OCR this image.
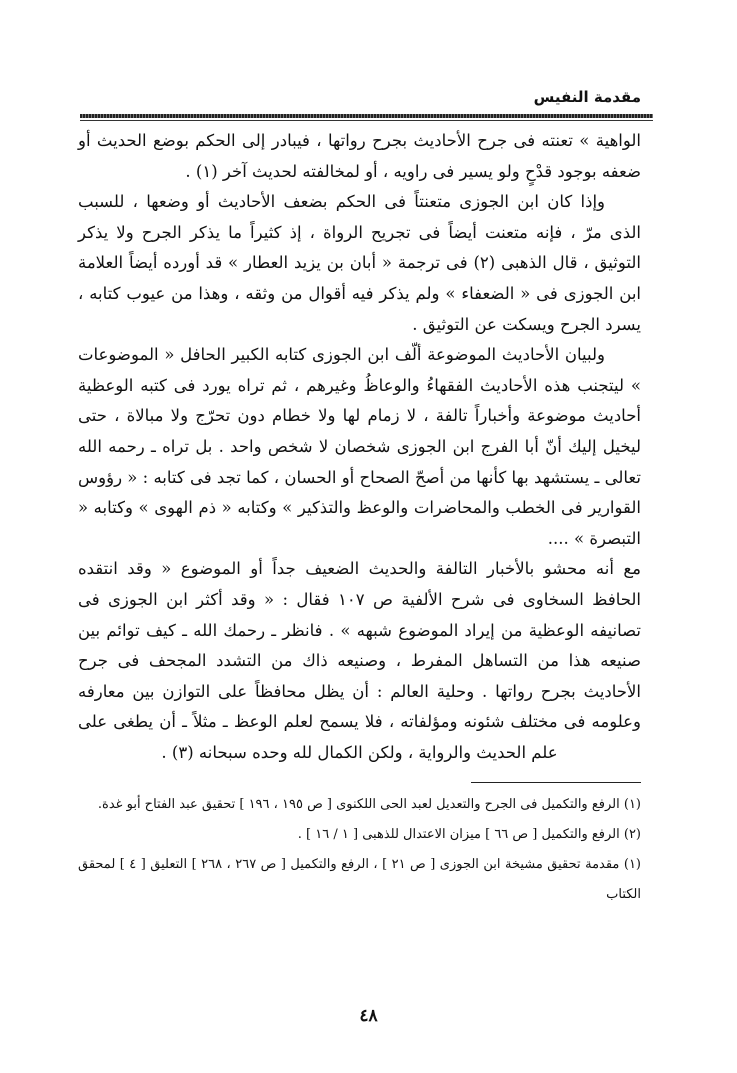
مقدمة النفيس

الواهية » تعنته فى جرح الأحاديث بجرح رواتها ، فيبادر إلى الحكم بوضع الحديث أو ضعفه بوجود قدْحٍ ولو يسير فى راويه ، أو لمخالفته لحديث آخر (١) .

وإذا كان ابن الجوزى متعنتاً فى الحكم بضعف الأحاديث أو وضعها ، للسبب الذى مرّ ، فإنه متعنت أيضاً فى تجريح الرواة ، إذ كثيراً ما يذكر الجرح ولا يذكر التوثيق ، قال الذهبى (٢) فى ترجمة « أبان بن يزيد العطار » قد أورده أيضاً العلامة ابن الجوزى فى « الضعفاء » ولم يذكر فيه أقوال من وثقه ، وهذا من عيوب كتابه ، يسرد الجرح ويسكت عن التوثيق .

ولبيان الأحاديث الموضوعة ألّف ابن الجوزى كتابه الكبير الحافل « الموضوعات » ليتجنب هذه الأحاديث الفقهاءُ والوعاظُ وغيرهم ، ثم تراه يورد فى كتبه الوعظية أحاديث موضوعة وأخباراً تالفة ، لا زمام لها ولا خطام دون تحرّج ولا مبالاة ، حتى ليخيل إليك أنّ أبا الفرج ابن الجوزى شخصان لا شخص واحد . بل تراه ـ رحمه الله تعالى ـ يستشهد بها كأنها من أصحّ الصحاح أو الحسان ، كما تجد فى كتابه : « رؤوس القوارير فى الخطب والمحاضرات والوعظ والتذكير » وكتابه « ذم الهوى » وكتابه « التبصرة » ....

مع أنه محشو بالأخبار التالفة والحديث الضعيف جداً أو الموضوع « وقد انتقده الحافظ السخاوى فى شرح الألفية ص ١٠٧ فقال : « وقد أكثر ابن الجوزى فى تصانيفه الوعظية من إيراد الموضوع شبهه » . فانظر ـ رحمك الله ـ كيف توائم بين صنيعه هذا من التساهل المفرط ، وصنيعه ذاك من التشدد المجحف فى جرح الأحاديث بجرح رواتها . وحلية العالم : أن يظل محافظاً على التوازن بين معارفه وعلومه فى مختلف شئونه ومؤلفاته ، فلا يسمح لعلم الوعظ ـ مثلاً ـ أن يطغى على علم الحديث والرواية ، ولكن الكمال لله وحده سبحانه (٣) .

(١) الرفع والتكميل فى الجرح والتعديل لعبد الحى اللكنوى [ ص ١٩٥ ، ١٩٦ ] تحقيق عبد الفتاح أبو غدة.

(٢) الرفع والتكميل [ ص ٦٦ ] ميزان الاعتدال للذهبى [ ١ / ١٦ ] .

(١) مقدمة تحقيق مشيخة ابن الجوزى [ ص ٢١ ] ، الرفع والتكميل [ ص ٢٦٧ ، ٢٦٨ ] التعليق [ ٤ ] لمحقق الكتاب

٤٨
